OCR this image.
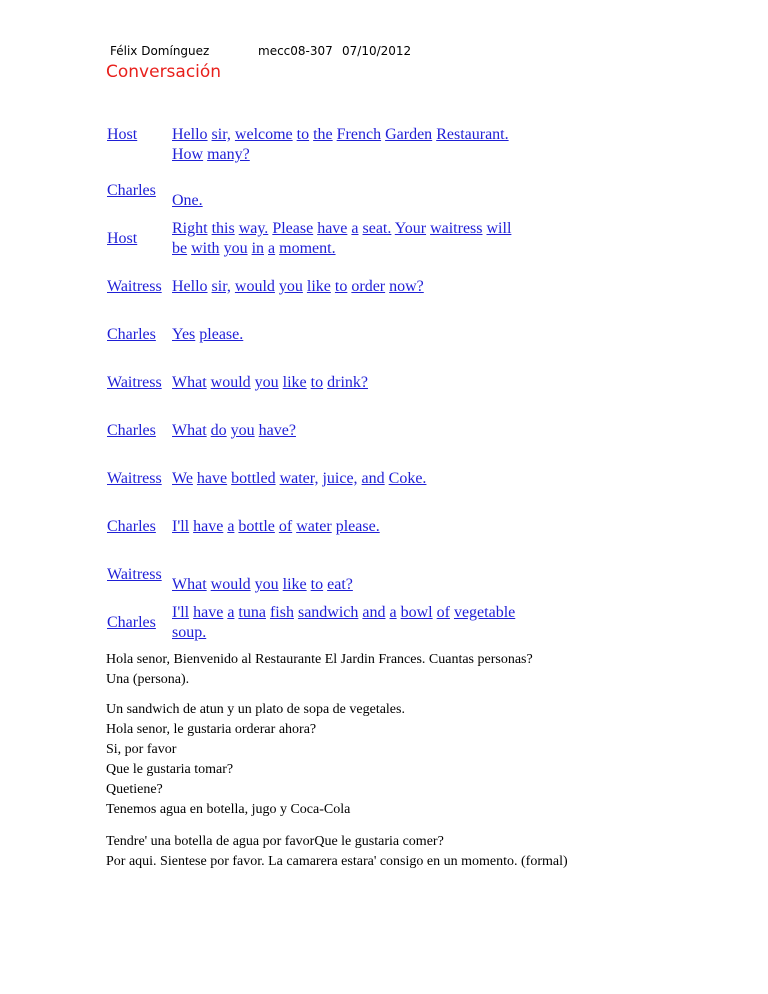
Félix Domínguez	mecc08-307 07/10/2012
Conversación
Host Hello sir, welcome to the French Garden Restaurant.
How many?
Charles
One.
Host
Right this way. Please have a seat. Your waitress will
be with you in a moment.
Waitress Hello sir, would you like to order now?
Charles Yes please.
Waitress What would you like to drink?
Charles What do you have?
Waitress We have bottled water, juice, and Coke.
Charles I'll have a bottle of water please.
Waitress
What would you like to eat?
Charles
I'll have a tuna fish sandwich and a bowl of vegetable
soup.
Hola senor, Bienvenido al Restaurante El Jardin Frances. Cuantas personas?
Una (persona).
Un sandwich de atun y un plato de sopa de vegetales.
Hola senor, le gustaria orderar ahora?
Si, por favor
Que le gustaria tomar?
Quetiene?
Tenemos agua en botella, jugo y Coca-Cola
Tendre' una botella de agua por favorQue le gustaria comer?
Por aqui. Sientese por favor. La camarera estara' consigo en un momento. (formal)
